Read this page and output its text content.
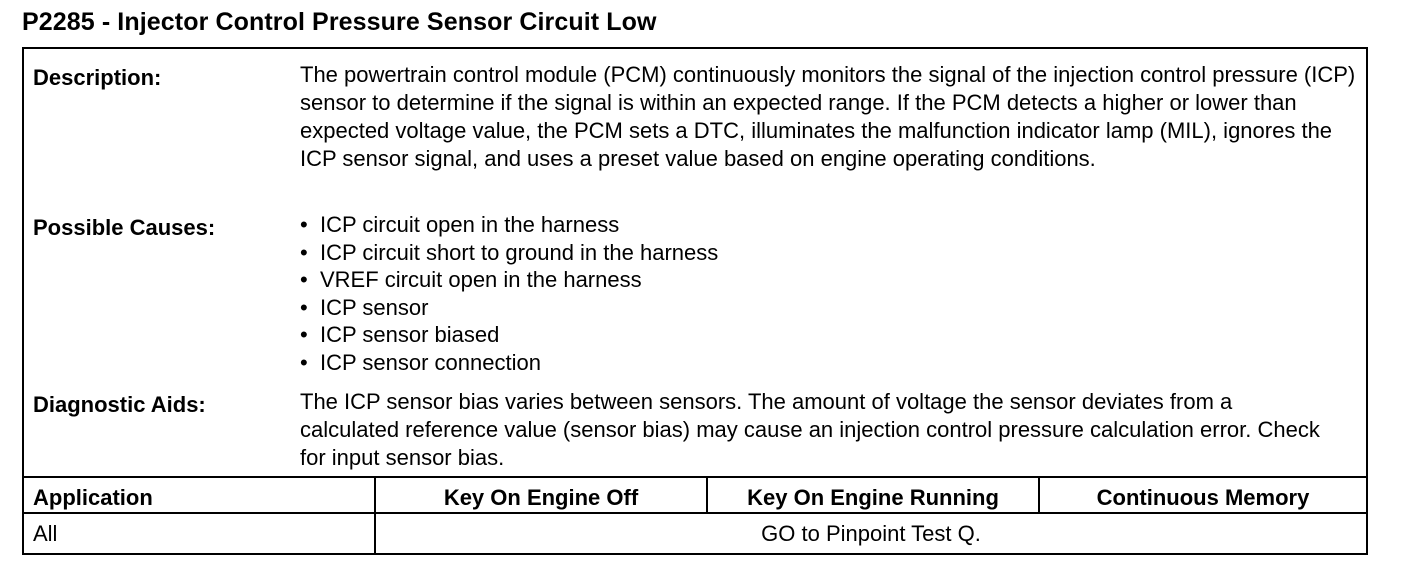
P2285 - Injector Control Pressure Sensor Circuit Low
Description:	The powertrain control module (PCM) continuously monitors the signal of the injection control pressure (ICP) sensor to determine if the signal is within an expected range. If the PCM detects a higher or lower than expected voltage value, the PCM sets a DTC, illuminates the malfunction indicator lamp (MIL), ignores the ICP sensor signal, and uses a preset value based on engine operating conditions.
Possible Causes:
•	ICP circuit open in the harness
• ICP circuit short to ground in the harness
• VREF circuit open in the harness
• ICP sensor
• ICP sensor biased
• ICP sensor connection
Diagnostic Aids:	The ICP sensor bias varies between sensors. The amount of voltage the sensor deviates from a calculated reference value (sensor bias) may cause an injection control pressure calculation error. Check for input sensor bias.
Application	Key On Engine Off	Key On Engine Running	Continuous Memory
All	GO to Pinpoint Test Q.
